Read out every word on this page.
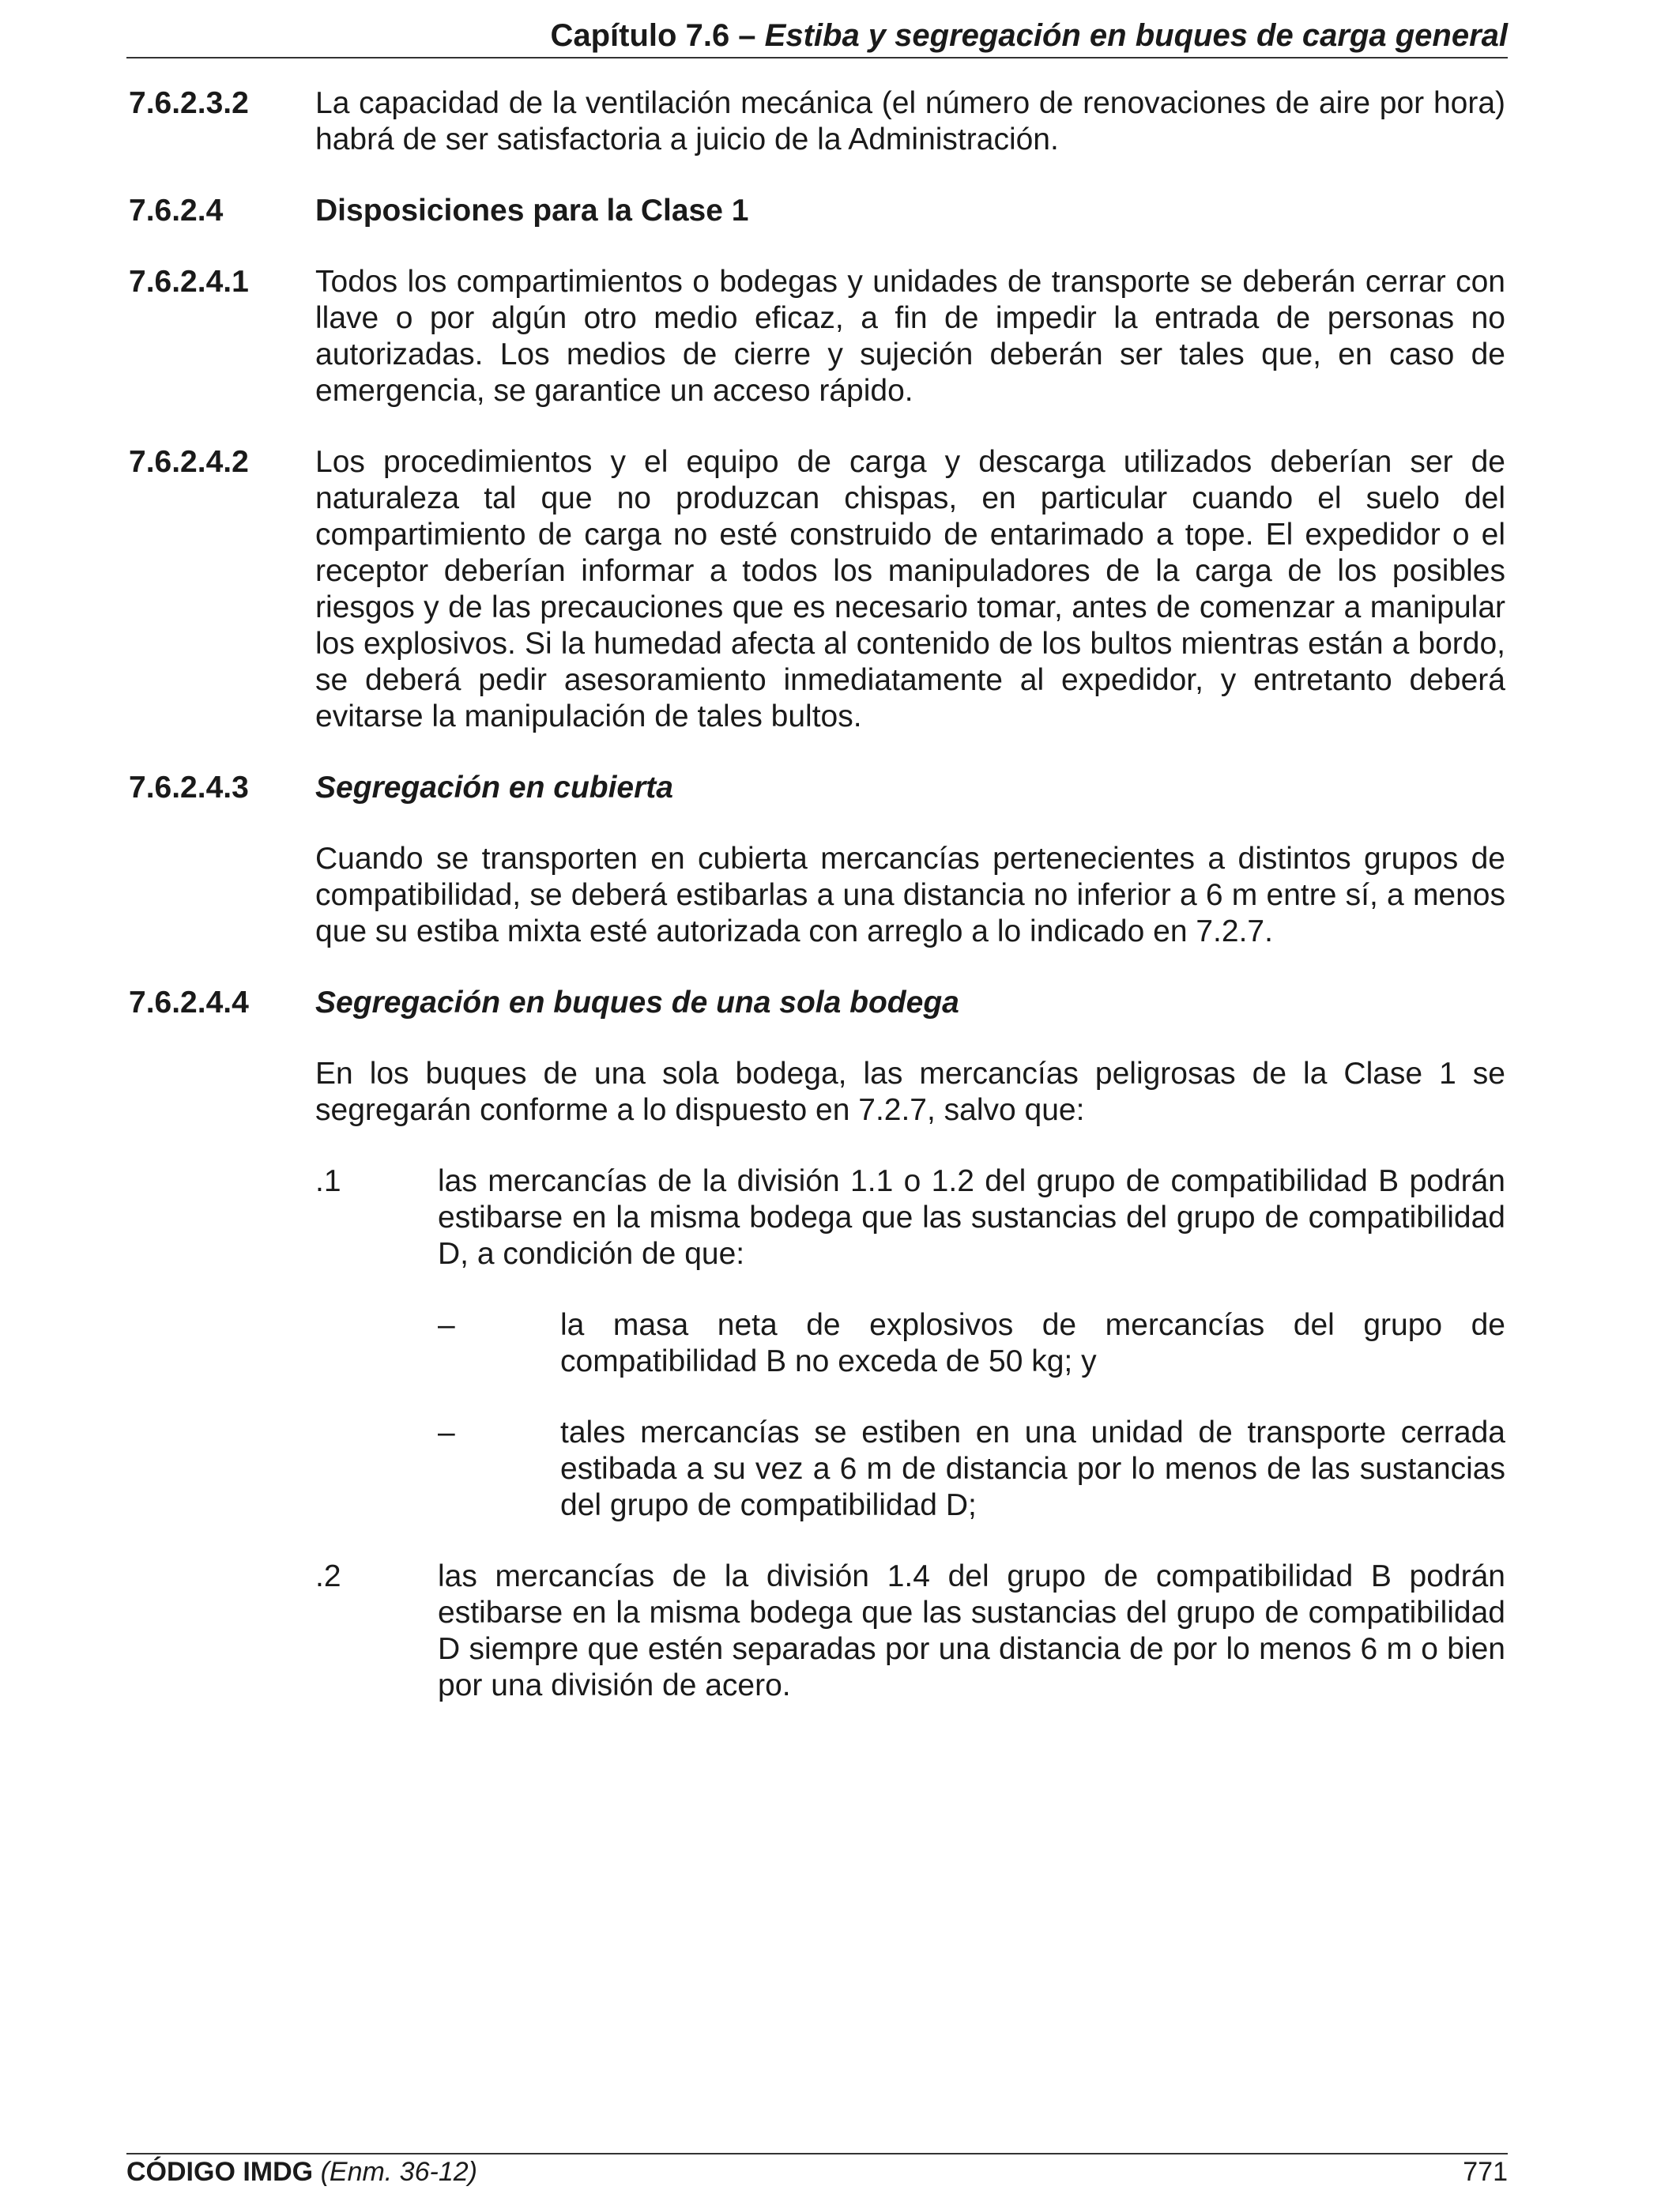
Capítulo 7.6 – Estiba y segregación en buques de carga general
7.6.2.3.2	La capacidad de la ventilación mecánica (el número de renovaciones de aire por hora) habrá de ser satisfactoria a juicio de la Administración.
7.6.2.4	Disposiciones para la Clase 1
7.6.2.4.1	Todos los compartimientos o bodegas y unidades de transporte se deberán cerrar con llave o por algún otro medio eficaz, a fin de impedir la entrada de personas no autorizadas. Los medios de cierre y sujeción deberán ser tales que, en caso de emergencia, se garantice un acceso rápido.
7.6.2.4.2	Los procedimientos y el equipo de carga y descarga utilizados deberían ser de naturaleza tal que no produzcan chispas, en particular cuando el suelo del compartimiento de carga no esté construido de entarimado a tope. El expedidor o el receptor deberían informar a todos los manipuladores de la carga de los posibles riesgos y de las precauciones que es necesario tomar, antes de comenzar a manipular los explosivos. Si la humedad afecta al contenido de los bultos mientras están a bordo, se deberá pedir asesoramiento inmediatamente al expedidor, y entretanto deberá evitarse la manipulación de tales bultos.
7.6.2.4.3	Segregación en cubierta
Cuando se transporten en cubierta mercancías pertenecientes a distintos grupos de compatibilidad, se deberá estibarlas a una distancia no inferior a 6 m entre sí, a menos que su estiba mixta esté autorizada con arreglo a lo indicado en 7.2.7.
7.6.2.4.4	Segregación en buques de una sola bodega
En los buques de una sola bodega, las mercancías peligrosas de la Clase 1 se segregarán conforme a lo dispuesto en 7.2.7, salvo que:
.1	las mercancías de la división 1.1 o 1.2 del grupo de compatibilidad B podrán estibarse en la misma bodega que las sustancias del grupo de compatibilidad D, a condición de que:
–	la masa neta de explosivos de mercancías del grupo de compatibilidad B no exceda de 50 kg; y
–	tales mercancías se estiben en una unidad de transporte cerrada estibada a su vez a 6 m de distancia por lo menos de las sustancias del grupo de compatibilidad D;
.2	las mercancías de la división 1.4 del grupo de compatibilidad B podrán estibarse en la misma bodega que las sustancias del grupo de compatibilidad D siempre que estén separadas por una distancia de por lo menos 6 m o bien por una división de acero.
CÓDIGO IMDG (Enm. 36-12)	771
